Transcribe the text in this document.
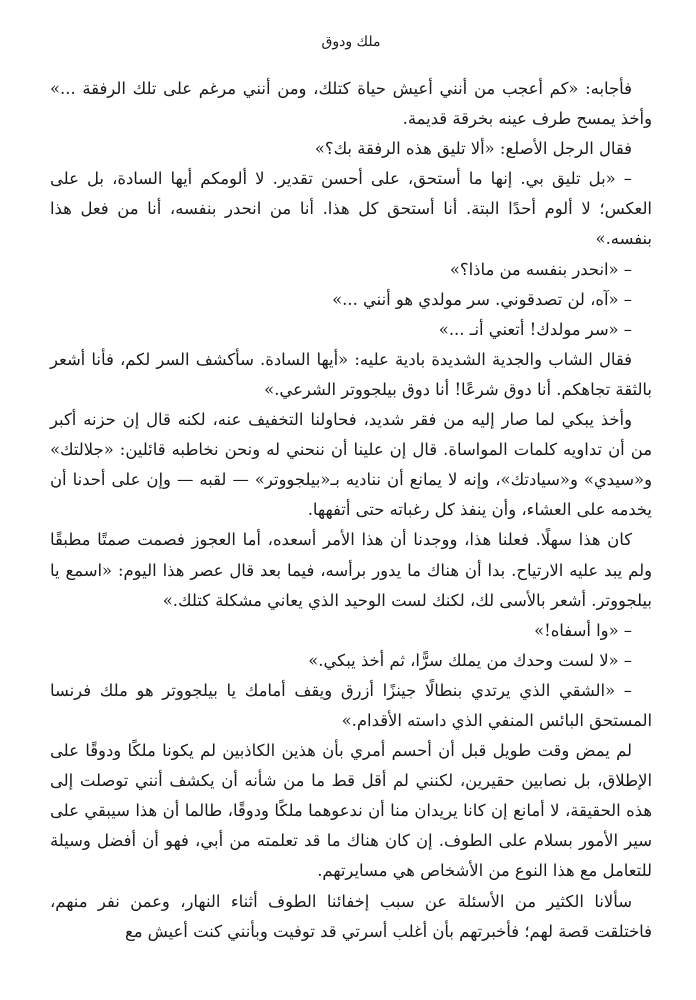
ملك ودوق

فأجابه: «كم أعجب من أنني أعيش حياة كتلك، ومن أنني مرغم على تلك الرفقة ...» وأخذ يمسح طرف عينه بخرقة قديمة.

فقال الرجل الأصلع: «ألا تليق هذه الرفقة بك؟»

– «بل تليق بي. إنها ما أستحق، على أحسن تقدير. لا ألومكم أيها السادة، بل على العكس؛ لا ألوم أحدًا البتة. أنا أستحق كل هذا. أنا من انحدر بنفسه، أنا من فعل هذا بنفسه.»

– «انحدر بنفسه من ماذا؟»

– «آه، لن تصدقوني. سر مولدي هو أنني ...»

– «سر مولدك! أتعني أنـ ...»

فقال الشاب والجدية الشديدة بادية عليه: «أيها السادة. سأكشف السر لكم، فأنا أشعر بالثقة تجاهكم. أنا دوق شرعًا! أنا دوق بيلجووتر الشرعي.»

وأخذ يبكي لما صار إليه من فقر شديد، فحاولنا التخفيف عنه، لكنه قال إن حزنه أكبر من أن تداويه كلمات المواساة. قال إن علينا أن ننحني له ونحن نخاطبه قائلين: «جلالتك» و«سيدي» و«سيادتك»، وإنه لا يمانع أن نناديه بـ«بيلجووتر» — لقبه — وإن على أحدنا أن يخدمه على العشاء، وأن ينفذ كل رغباته حتى أتفهها.

كان هذا سهلًا. فعلنا هذا، ووجدنا أن هذا الأمر أسعده، أما العجوز فصمت صمتًا مطبقًا ولم يبد عليه الارتياح. بدا أن هناك ما يدور برأسه، فيما بعد قال عصر هذا اليوم: «اسمع يا بيلجووتر. أشعر بالأسى لك، لكنك لست الوحيد الذي يعاني مشكلة كتلك.»

– «وا أسفاه!»

– «لا لست وحدك من يملك سرًّا، ثم أخذ يبكي.»

– «الشقي الذي يرتدي بنطالًا جينزًا أزرق ويقف أمامك يا بيلجووتر هو ملك فرنسا المستحق البائس المنفي الذي داسته الأقدام.»

لم يمض وقت طويل قبل أن أحسم أمري بأن هذين الكاذبين لم يكونا ملكًا ودوقًا على الإطلاق، بل نصابين حقيرين، لكنني لم أقل قط ما من شأنه أن يكشف أنني توصلت إلى هذه الحقيقة، لا أمانع إن كانا يريدان منا أن ندعوهما ملكًا ودوقًا، طالما أن هذا سيبقي على سير الأمور بسلام على الطوف. إن كان هناك ما قد تعلمته من أبي، فهو أن أفضل وسيلة للتعامل مع هذا النوع من الأشخاص هي مسايرتهم.

سألانا الكثير من الأسئلة عن سبب إخفائنا الطوف أثناء النهار، وعمن نفر منهم، فاختلقت قصة لهم؛ فأخبرتهم بأن أغلب أسرتي قد توفيت وبأنني كنت أعيش مع
